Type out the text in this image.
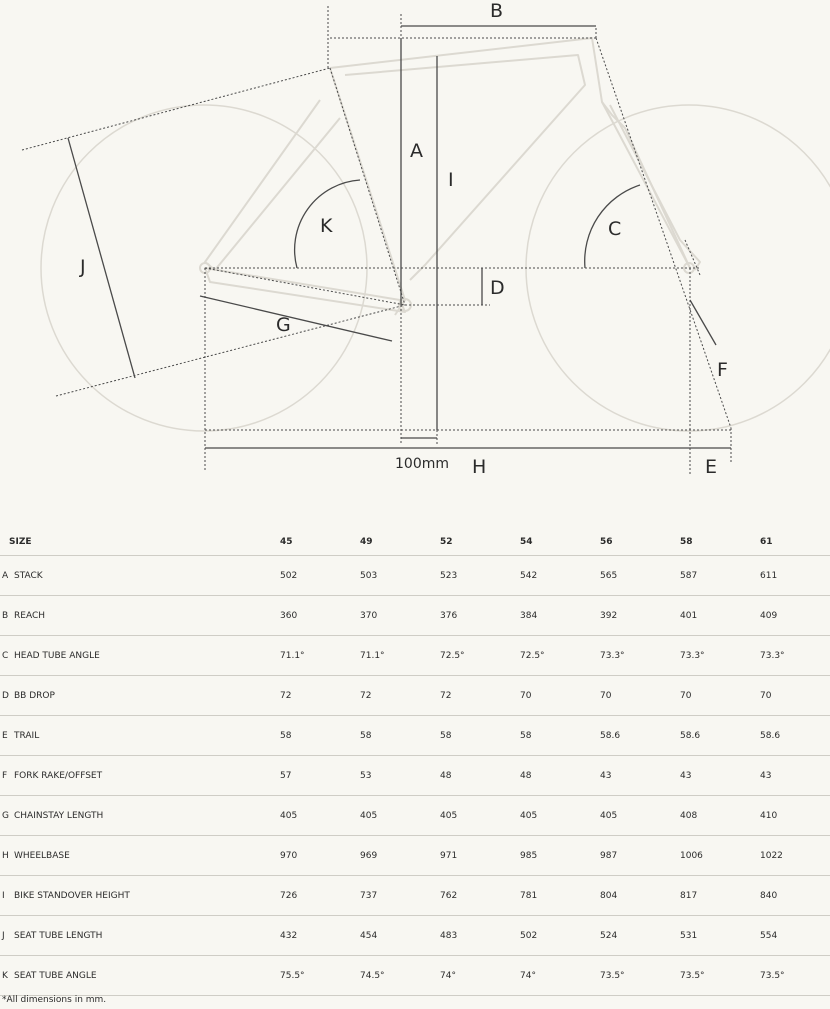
B
A
I
K	C
J
D
G
F
H	E
100mm
SIZE	45	49	52	54	56	58	61
A STACK	502	503	523	542	565	587	611
B REACH	360	370	376	384	392	401	409
C HEAD TUBE ANGLE	71.1°	71.1°	72.5°	72.5°	73.3°	73.3°	73.3°
D BB DROP	72	72	72	70	70	70	70
E TRAIL	58	58	58	58	58.6	58.6	58.6
F FORK RAKE/OFFSET	57	53	48	48	43	43	43
G CHAINSTAY LENGTH	405	405	405	405	405	408	410
H WHEELBASE	970	969	971	985	987	1006	1022
I BIKE STANDOVER HEIGHT	726	737	762	781	804	817	840
J SEAT TUBE LENGTH	432	454	483	502	524	531	554
K SEAT TUBE ANGLE	75.5°	74.5°	74°	74°	73.5°	73.5°	73.5°
*All dimensions in mm.
